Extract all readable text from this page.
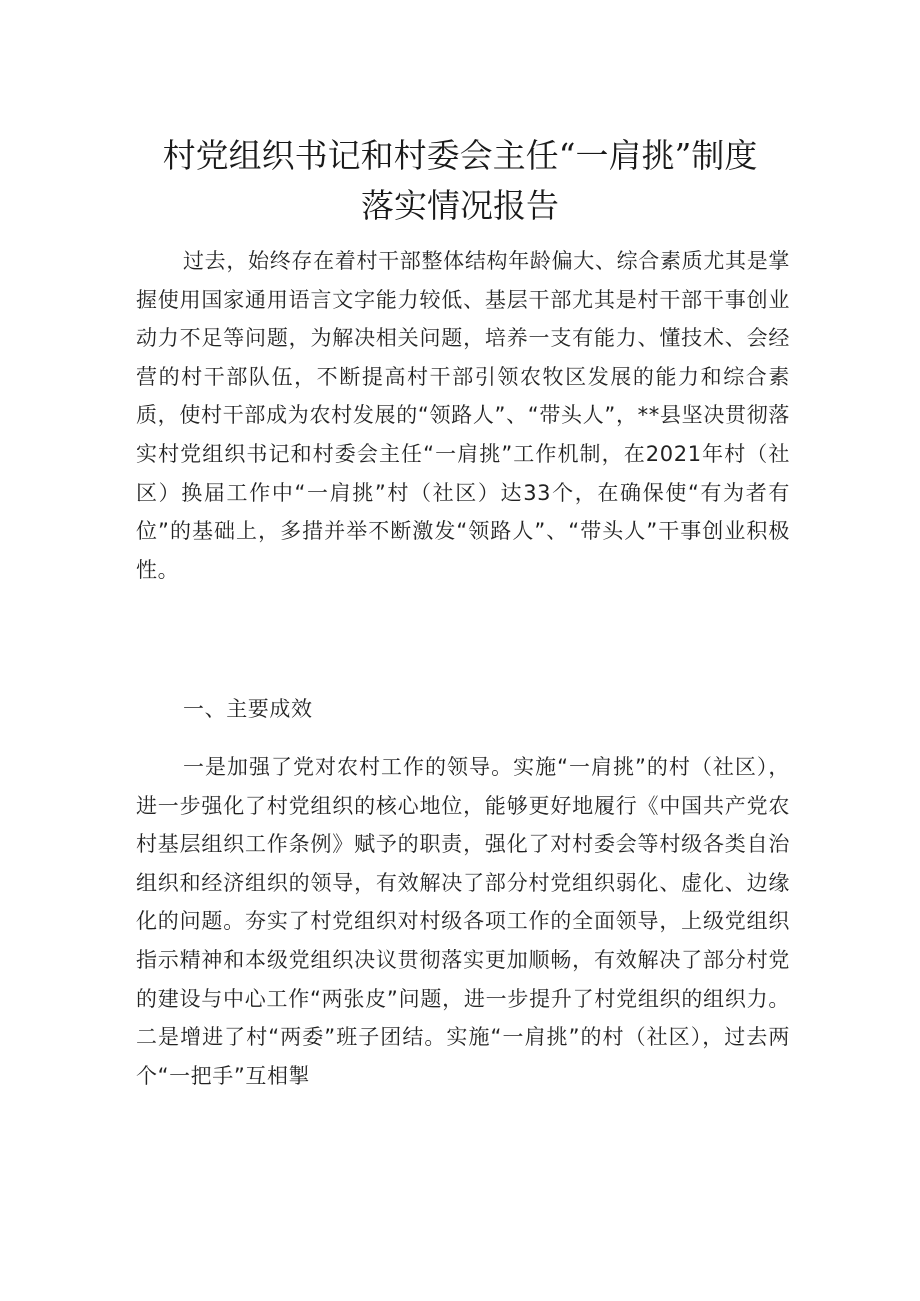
村党组织书记和村委会主任“一肩挑”制度
落实情况报告

过去，始终存在着村干部整体结构年龄偏大、综合素质尤其是掌握使用国家通用语言文字能力较低、基层干部尤其是村干部干事创业动力不足等问题，为解决相关问题，培养一支有能力、懂技术、会经营的村干部队伍，不断提高村干部引领农牧区发展的能力和综合素质，使村干部成为农村发展的“领路人”、“带头人”，**县坚决贯彻落实村党组织书记和村委会主任“一肩挑”工作机制，在2021年村（社区）换届工作中“一肩挑”村（社区）达33个，在确保使“有为者有位”的基础上，多措并举不断激发“领路人”、“带头人”干事创业积极性。

一、主要成效

一是加强了党对农村工作的领导。实施“一肩挑”的村（社区），进一步强化了村党组织的核心地位，能够更好地履行《中国共产党农村基层组织工作条例》赋予的职责，强化了对村委会等村级各类自治组织和经济组织的领导，有效解决了部分村党组织弱化、虚化、边缘化的问题。夯实了村党组织对村级各项工作的全面领导，上级党组织指示精神和本级党组织决议贯彻落实更加顺畅，有效解决了部分村党的建设与中心工作“两张皮”问题，进一步提升了村党组织的组织力。二是增进了村“两委”班子团结。实施“一肩挑”的村（社区），过去两个“一把手”互相掣
